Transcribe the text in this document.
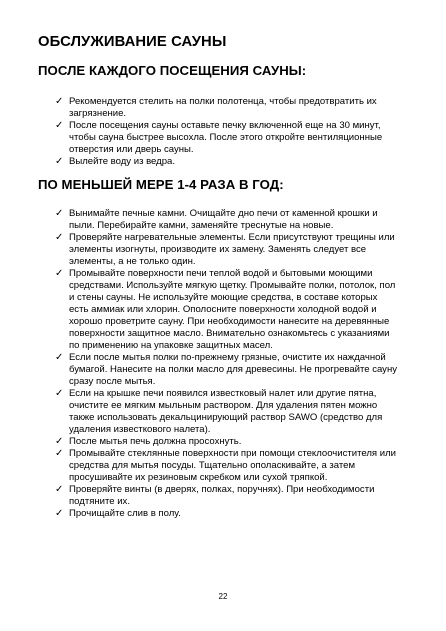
ОБСЛУЖИВАНИЕ САУНЫ
ПОСЛЕ КАЖДОГО ПОСЕЩЕНИЯ САУНЫ:
✓ Рекомендуется стелить на полки полотенца, чтобы предотвратить их загрязнение.
✓ После посещения сауны оставьте печку включенной еще на 30 минут, чтобы сауна быстрее высохла. После этого откройте вентиляционные отверстия или дверь сауны.
✓ Вылейте воду из ведра.
ПО МЕНЬШЕЙ МЕРЕ 1-4 РАЗА В ГОД:
✓ Вынимайте печные камни. Очищайте дно печи от каменной крошки и пыли. Перебирайте камни, заменяйте треснутые на новые.
✓ Проверяйте нагревательные элементы. Если присутствуют трещины или элементы изогнуты, производите их замену. Заменять следует все элементы, а не только один.
✓ Промывайте поверхности печи теплой водой и бытовыми моющими средствами. Используйте мягкую щетку. Промывайте полки, потолок, пол и стены сауны. Не используйте моющие средства, в составе которых есть аммиак или хлорин. Ополосните поверхности холодной водой и хорошо проветрите сауну. При необходимости нанесите на деревянные поверхности защитное масло. Внимательно ознакомьтесь с указаниями по применению на упаковке защитных масел.
✓ Если после мытья полки по-прежнему грязные, очистите их наждачной бумагой. Нанесите на полки масло для древесины. Не прогревайте сауну сразу после мытья.
✓ Если на крышке печи появился известковый налет или другие пятна, очистите ее мягким мыльным раствором. Для удаления пятен можно также использовать декальцинирующий раствор SAWO (средство для удаления известкового налета).
✓ После мытья печь должна просохнуть.
✓ Промывайте стеклянные поверхности при помощи стеклоочистителя или средства для мытья посуды. Тщательно ополаскивайте, а затем просушивайте их резиновым скребком или сухой тряпкой.
✓ Проверяйте винты (в дверях, полках, поручнях). При необходимости подтяните их.
✓ Прочищайте слив в полу.
22
